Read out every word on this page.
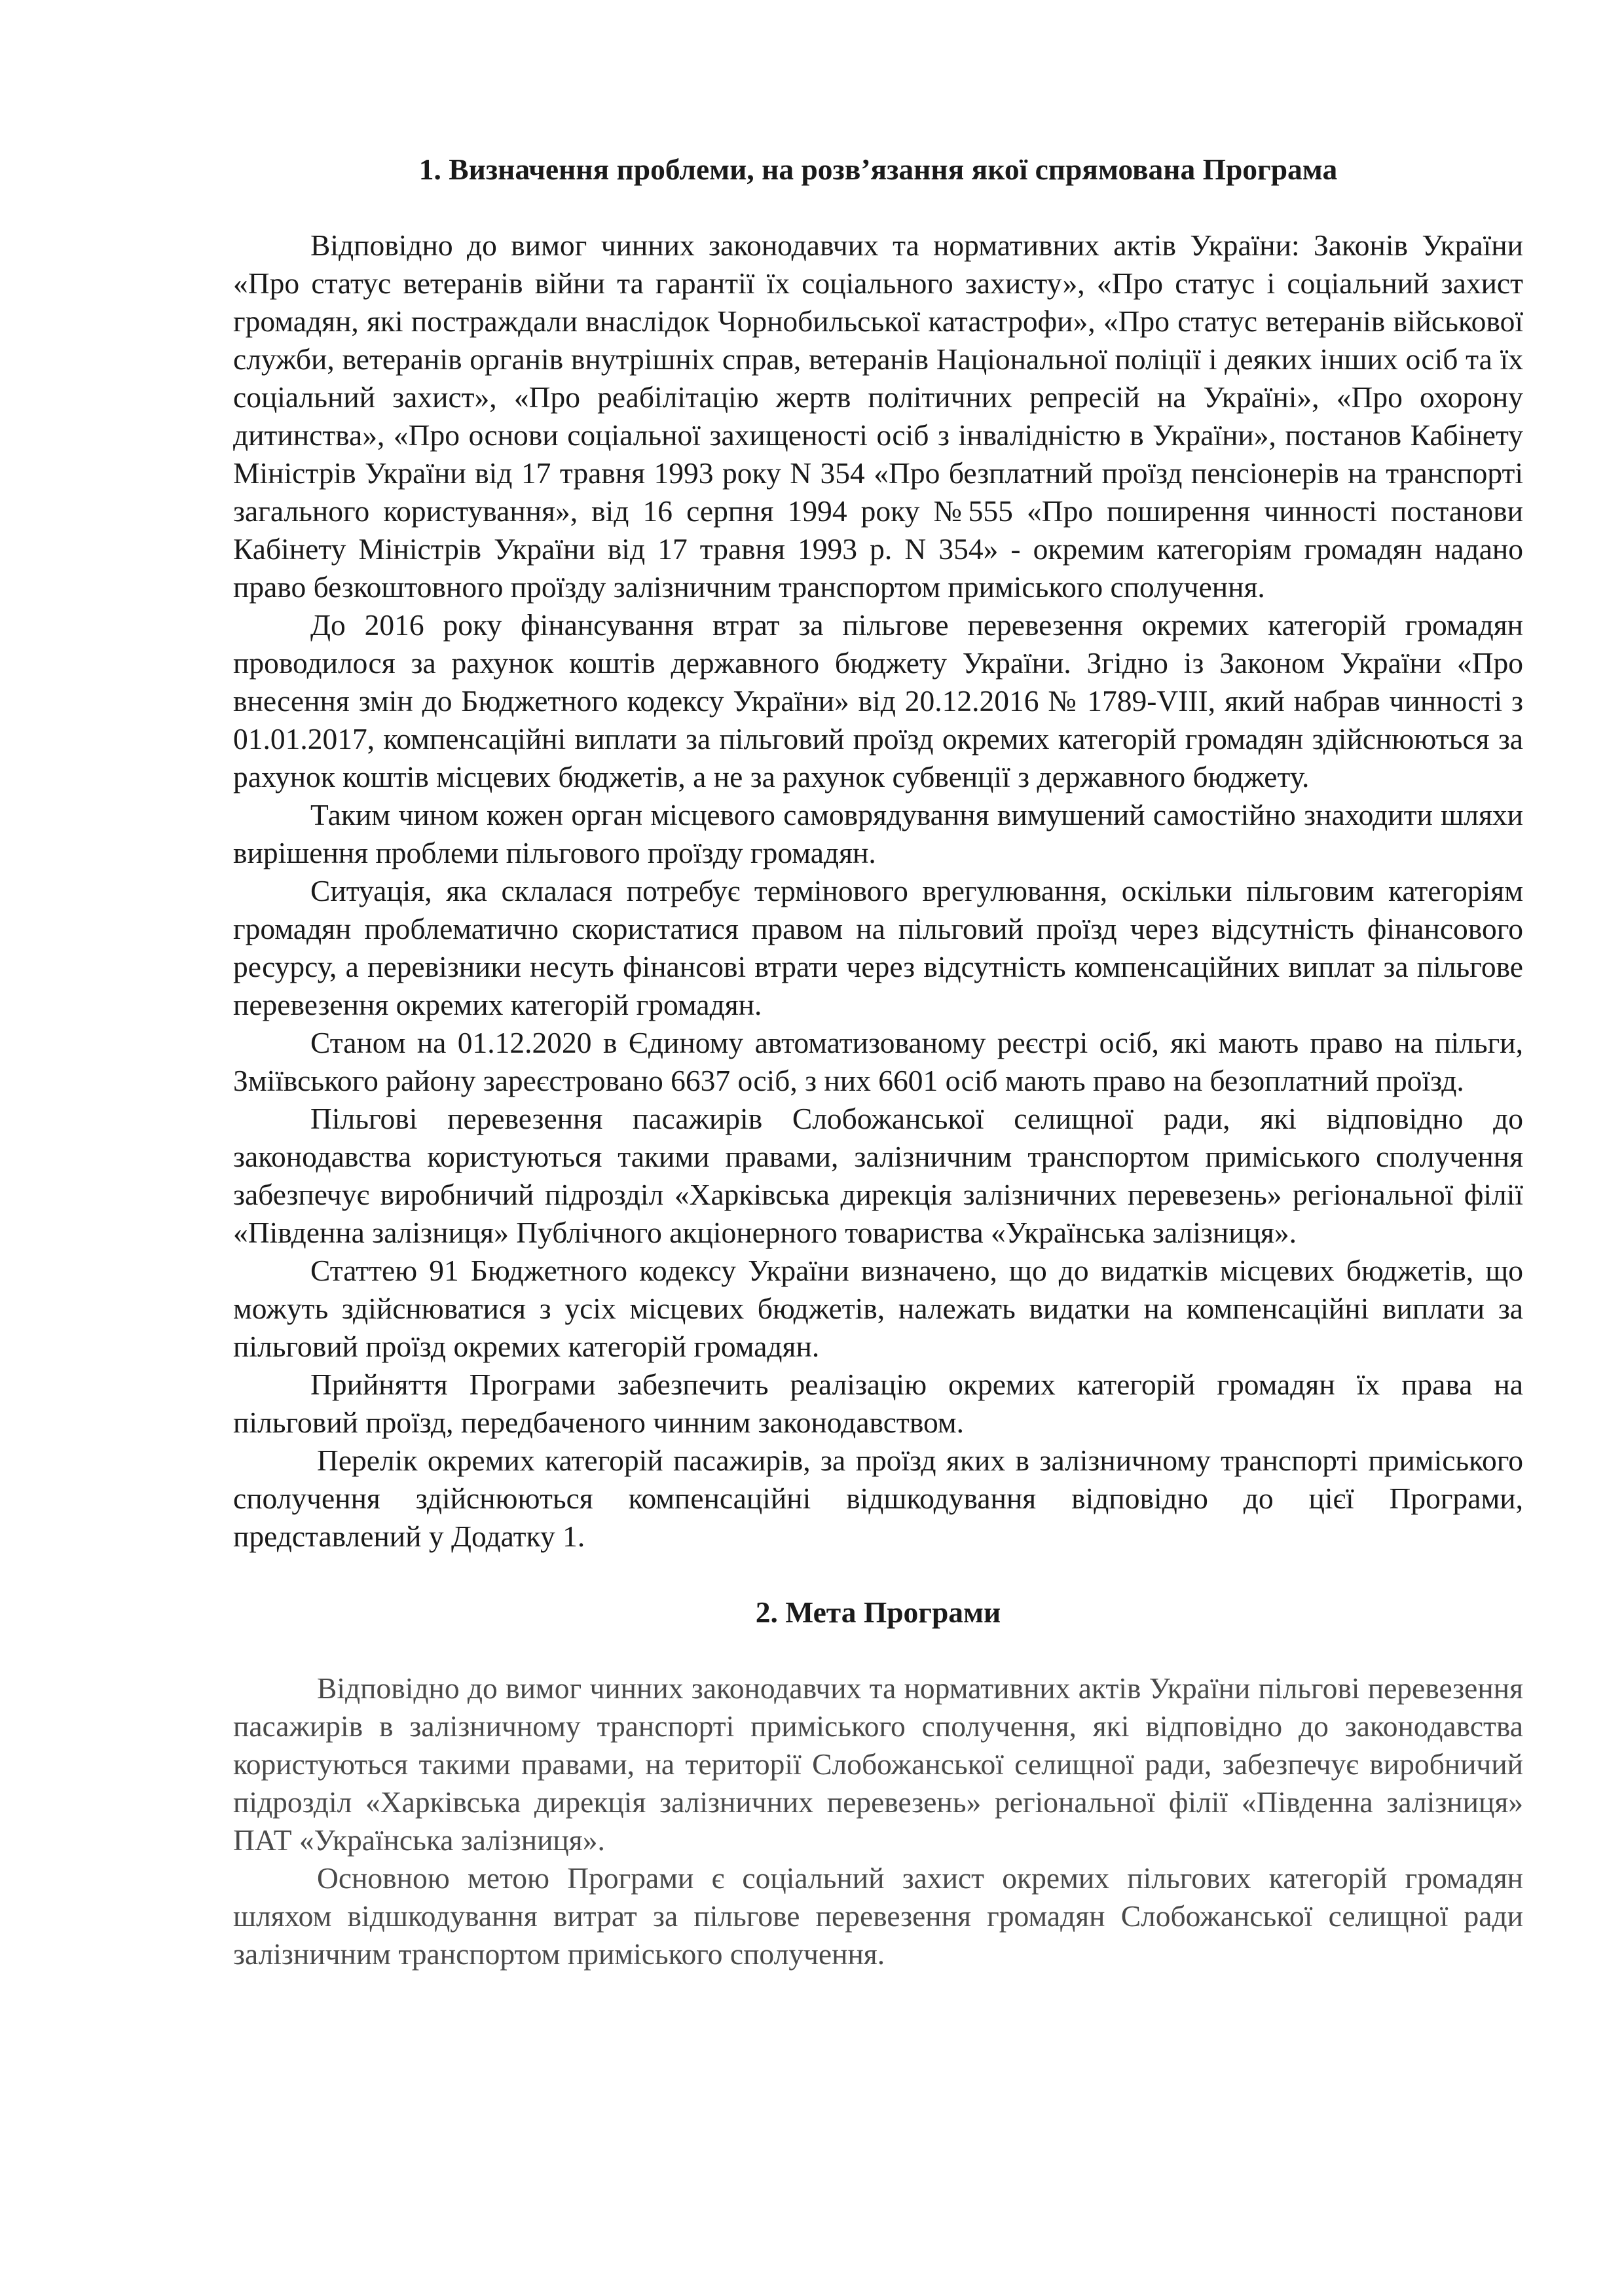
1. Визначення проблеми, на розв’язання якої спрямована Програма

Відповідно до вимог чинних законодавчих та нормативних актів України: Законів України «Про статус ветеранів війни та гарантії їх соціального захисту», «Про статус і соціальний захист громадян, які постраждали внаслідок Чорнобильської катастрофи», «Про статус ветеранів військової служби, ветеранів органів внутрішніх справ, ветеранів Національної поліції і деяких інших осіб та їх соціальний захист», «Про реабілітацію жертв політичних репресій на Україні», «Про охорону дитинства», «Про основи соціальної захищеності осіб з інвалідністю в України», постанов Кабінету Міністрів України від 17 травня 1993 року N 354 «Про безплатний проїзд пенсіонерів на транспорті загального користування», від 16 серпня 1994 року №555 «Про поширення чинності постанови Кабінету Міністрів України від 17 травня 1993 р. N 354» - окремим категоріям громадян надано право безкоштовного проїзду залізничним транспортом приміського сполучення.

До 2016 року фінансування втрат за пільгове перевезення окремих категорій громадян проводилося за рахунок коштів державного бюджету України. Згідно із Законом України «Про внесення змін до Бюджетного кодексу України» від 20.12.2016 № 1789-VIII, який набрав чинності з 01.01.2017, компенсаційні виплати за пільговий проїзд окремих категорій громадян здійснюються за рахунок коштів місцевих бюджетів, а не за рахунок субвенції з державного бюджету.

Таким чином кожен орган місцевого самоврядування вимушений самостійно знаходити шляхи вирішення проблеми пільгового проїзду громадян.

Ситуація, яка склалася потребує термінового врегулювання, оскільки пільговим категоріям громадян проблематично скористатися правом на пільговий проїзд через відсутність фінансового ресурсу, а перевізники несуть фінансові втрати через відсутність компенсаційних виплат за пільгове перевезення окремих категорій громадян.

Станом на 01.12.2020 в Єдиному автоматизованому реєстрі осіб, які мають право на пільги, Зміївського району зареєстровано 6637 осіб, з них 6601 осіб мають право на безоплатний проїзд.

Пільгові перевезення пасажирів Слобожанської селищної ради, які відповідно до законодавства користуються такими правами, залізничним транспортом приміського сполучення забезпечує виробничий підрозділ «Харківська дирекція залізничних перевезень» регіональної філії «Південна залізниця» Публічного акціонерного товариства «Українська залізниця».

Статтею 91 Бюджетного кодексу України визначено, що до видатків місцевих бюджетів, що можуть здійснюватися з усіх місцевих бюджетів, належать видатки на компенсаційні виплати за пільговий проїзд окремих категорій громадян.

Прийняття Програми забезпечить реалізацію окремих категорій громадян їх права на пільговий проїзд, передбаченого чинним законодавством.

Перелік окремих категорій пасажирів, за проїзд яких в залізничному транспорті приміського сполучення здійснюються компенсаційні відшкодування відповідно до цієї Програми, представлений у Додатку 1.

2. Мета Програми

Відповідно до вимог чинних законодавчих та нормативних актів України пільгові перевезення пасажирів в залізничному транспорті приміського сполучення, які відповідно до законодавства користуються такими правами, на території Слобожанської селищної ради, забезпечує виробничий підрозділ «Харківська дирекція залізничних перевезень» регіональної філії «Південна залізниця» ПАТ «Українська залізниця».

Основною метою Програми є соціальний захист окремих пільгових категорій громадян шляхом відшкодування витрат за пільгове перевезення громадян Слобожанської селищної ради залізничним транспортом приміського сполучення.
